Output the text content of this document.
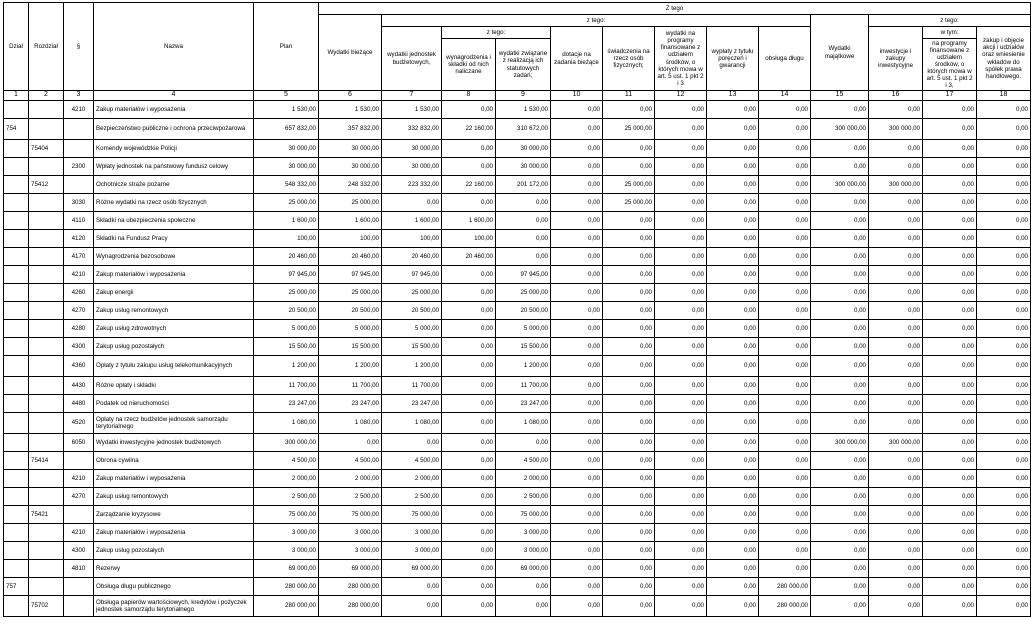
Dział	Rozdział	§	Nazwa	Plan	Z tego												
					Wydatki bieżące	z tego:								Wydatki majątkowe	z tego:		
						wydatki jednostek budżetowych,	z tego:		dotacje na zadania bieżące	świadczenia na rzecz osób fizycznych;	wydatki na programy finansowane z udziałem środków, o których mowa w art. 5 ust. 1 pkt 2 i 3	wypłaty z tytułu poręczeń i gwarancji	obsługa długu		inwestycje i zakupy inwestycyjne	w tym:	zakup i objęcie akcji i udziałów oraz wniesienie wkładów do spółek prawa handlowego.
							wynagrodzenia i składki od nich naliczane	wydatki związane z realizacją ich statutowych zadań;								na programy finansowane z udziałem środków, o których mowa w art. 5 ust. 1 pkt 2 i 3,	
1	2	3	4	5	6	7	8	9	10	11	12	13	14	15	16	17	18
		4210	Zakup materiałów i wyposażenia	1 530,00	1 530,00	1 530,00	0,00	1 530,00	0,00	0,00	0,00	0,00	0,00	0,00	0,00	0,00	0,00
754			Bezpieczeństwo publiczne i ochrona przeciwpożarowa	657 832,00	357 832,00	332 832,00	22 160,00	310 672,00	0,00	25 000,00	0,00	0,00	0,00	300 000,00	300 000,00	0,00	0,00
	75404		Komendy wojewódzkie Policji	30 000,00	30 000,00	30 000,00	0,00	30 000,00	0,00	0,00	0,00	0,00	0,00	0,00	0,00	0,00	0,00
		2300	Wpłaty jednostek na państwowy fundusz celowy	30 000,00	30 000,00	30 000,00	0,00	30 000,00	0,00	0,00	0,00	0,00	0,00	0,00	0,00	0,00	0,00
	75412		Ochotnicze straże pożarne	548 332,00	248 332,00	223 332,00	22 160,00	201 172,00	0,00	25 000,00	0,00	0,00	0,00	300 000,00	300 000,00	0,00	0,00
		3030	Różne wydatki na rzecz osób fizycznych	25 000,00	25 000,00	0,00	0,00	0,00	0,00	25 000,00	0,00	0,00	0,00	0,00	0,00	0,00	0,00
		4110	Składki na ubezpieczenia społeczne	1 600,00	1 600,00	1 600,00	1 600,00	0,00	0,00	0,00	0,00	0,00	0,00	0,00	0,00	0,00	0,00
		4120	Składki na Fundusz Pracy	100,00	100,00	100,00	100,00	0,00	0,00	0,00	0,00	0,00	0,00	0,00	0,00	0,00	0,00
		4170	Wynagrodzenia bezosobowe	20 460,00	20 460,00	20 460,00	20 460,00	0,00	0,00	0,00	0,00	0,00	0,00	0,00	0,00	0,00	0,00
		4210	Zakup materiałów i wyposażenia	97 945,00	97 945,00	97 945,00	0,00	97 945,00	0,00	0,00	0,00	0,00	0,00	0,00	0,00	0,00	0,00
		4260	Zakup energii	25 000,00	25 000,00	25 000,00	0,00	25 000,00	0,00	0,00	0,00	0,00	0,00	0,00	0,00	0,00	0,00
		4270	Zakup usług remontowych	20 500,00	20 500,00	20 500,00	0,00	20 500,00	0,00	0,00	0,00	0,00	0,00	0,00	0,00	0,00	0,00
		4280	Zakup usług zdrowotnych	5 000,00	5 000,00	5 000,00	0,00	5 000,00	0,00	0,00	0,00	0,00	0,00	0,00	0,00	0,00	0,00
		4300	Zakup usług pozostałych	15 500,00	15 500,00	15 500,00	0,00	15 500,00	0,00	0,00	0,00	0,00	0,00	0,00	0,00	0,00	0,00
		4360	Opłaty z tytułu zakupu usług telekomunikacyjnych	1 200,00	1 200,00	1 200,00	0,00	1 200,00	0,00	0,00	0,00	0,00	0,00	0,00	0,00	0,00	0,00
		4430	Różne opłaty i składki	11 700,00	11 700,00	11 700,00	0,00	11 700,00	0,00	0,00	0,00	0,00	0,00	0,00	0,00	0,00	0,00
		4480	Podatek od nieruchomości	23 247,00	23 247,00	23 247,00	0,00	23 247,00	0,00	0,00	0,00	0,00	0,00	0,00	0,00	0,00	0,00
		4520	Opłaty na rzecz budżetów jednostek samorządu terytorialnego	1 080,00	1 080,00	1 080,00	0,00	1 080,00	0,00	0,00	0,00	0,00	0,00	0,00	0,00	0,00	0,00
		6050	Wydatki inwestycyjne jednostek budżetowych	300 000,00	0,00	0,00	0,00	0,00	0,00	0,00	0,00	0,00	0,00	300 000,00	300 000,00	0,00	0,00
	75414		Obrona cywilna	4 500,00	4 500,00	4 500,00	0,00	4 500,00	0,00	0,00	0,00	0,00	0,00	0,00	0,00	0,00	0,00
		4210	Zakup materiałów i wyposażenia	2 000,00	2 000,00	2 000,00	0,00	2 000,00	0,00	0,00	0,00	0,00	0,00	0,00	0,00	0,00	0,00
		4270	Zakup usług remontowych	2 500,00	2 500,00	2 500,00	0,00	2 500,00	0,00	0,00	0,00	0,00	0,00	0,00	0,00	0,00	0,00
	75421		Zarządzanie kryzysowe	75 000,00	75 000,00	75 000,00	0,00	75 000,00	0,00	0,00	0,00	0,00	0,00	0,00	0,00	0,00	0,00
		4210	Zakup materiałów i wyposażenia	3 000,00	3 000,00	3 000,00	0,00	3 000,00	0,00	0,00	0,00	0,00	0,00	0,00	0,00	0,00	0,00
		4300	Zakup usług pozostałych	3 000,00	3 000,00	3 000,00	0,00	3 000,00	0,00	0,00	0,00	0,00	0,00	0,00	0,00	0,00	0,00
		4810	Rezerwy	69 000,00	69 000,00	69 000,00	0,00	69 000,00	0,00	0,00	0,00	0,00	0,00	0,00	0,00	0,00	0,00
757			Obsługa długu publicznego	280 000,00	280 000,00	0,00	0,00	0,00	0,00	0,00	0,00	0,00	280 000,00	0,00	0,00	0,00	0,00
	75702		Obsługa papierów wartościowych, kredytów i pożyczek jednostek samorządu terytorialnego	280 000,00	280 000,00	0,00	0,00	0,00	0,00	0,00	0,00	0,00	280 000,00	0,00	0,00	0,00	0,00
